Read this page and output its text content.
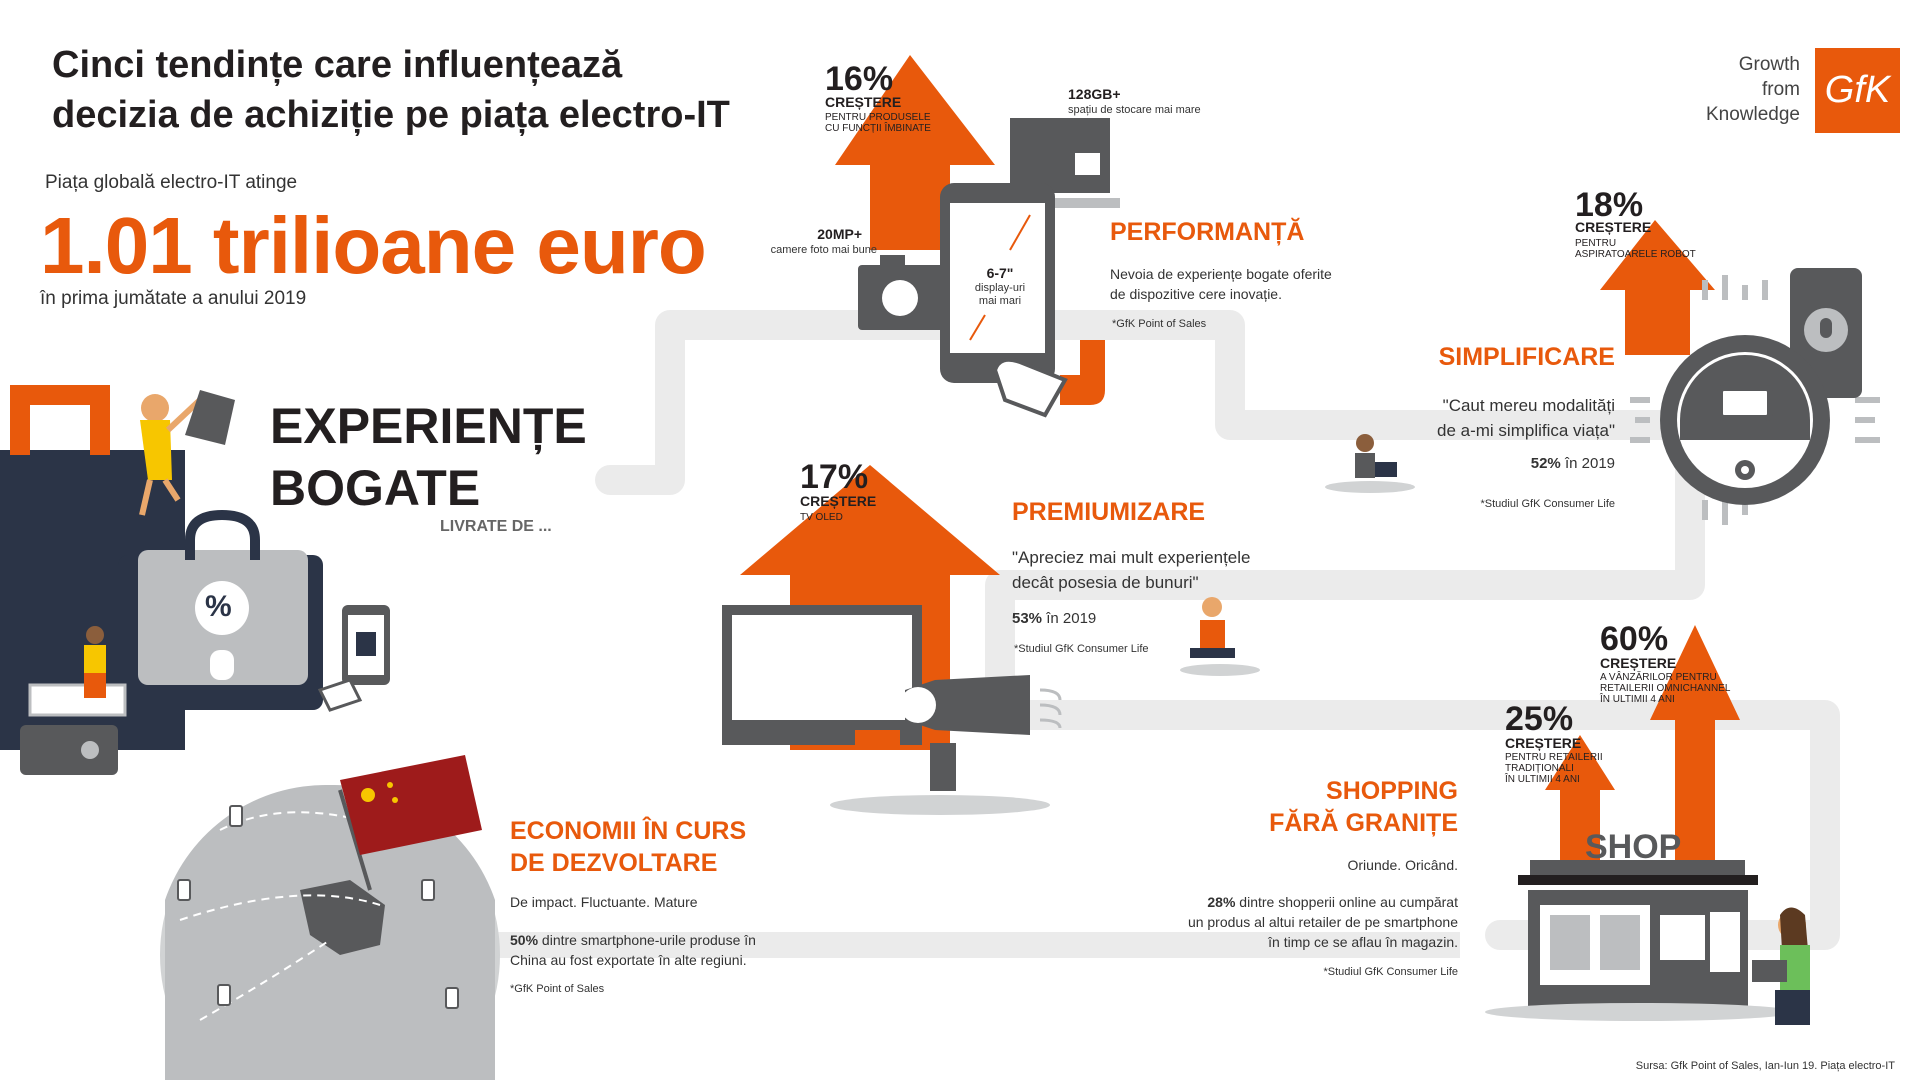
Cinci tendințe care influențează
decizia de achiziție pe piața electro-IT
Piața globală electro-IT atinge
1.01 trilioane euro
în prima jumătate a anului 2019
Growth
from
Knowledge
GfK
EXPERIENȚE
BOGATE
LIVRATE DE ...
%
16%
CREȘTERE
PENTRU PRODUSELE
CU FUNCȚII ÎMBINATE
128GB+
spațiu de stocare mai mare
20MP+
camere foto mai bune
6-7"
display-uri
mai mari
PERFORMANȚĂ
Nevoia de experiențe bogate oferite
de dispozitive cere inovație.
*GfK Point of Sales
18%
CREȘTERE
PENTRU
ASPIRATOARELE ROBOT
SIMPLIFICARE
"Caut mereu modalități
de a-mi simplifica viața"
52% în 2019
*Studiul GfK Consumer Life
17%
CREȘTERE
TV OLED	PREMIUMIZARE
"Apreciez mai mult experiențele
decât posesia de bunuri"
53% în 2019
*Studiul GfK Consumer Life	60%
CREȘTERE
A VÂNZĂRILOR PENTRU
RETAILERII OMNICHANNEL
ÎN ULTIMII 4 ANI
25%
CREȘTERE
PENTRU RETAILERII
TRADIȚIONALI
ÎN ULTIMII 4 ANI
SHOP
SHOPPING
FĂRĂ GRANIȚE
Oriunde. Oricând.
28% dintre shopperii online au cumpărat
un produs al altui retailer de pe smartphone
în timp ce se aflau în magazin.
*Studiul GfK Consumer Life
ECONOMII ÎN CURS
DE DEZVOLTARE
De impact. Fluctuante. Mature
50% dintre smartphone-urile produse în
China au fost exportate în alte regiuni.
*GfK Point of Sales
Sursa: Gfk Point of Sales, Ian-Iun 19. Piața electro-IT
